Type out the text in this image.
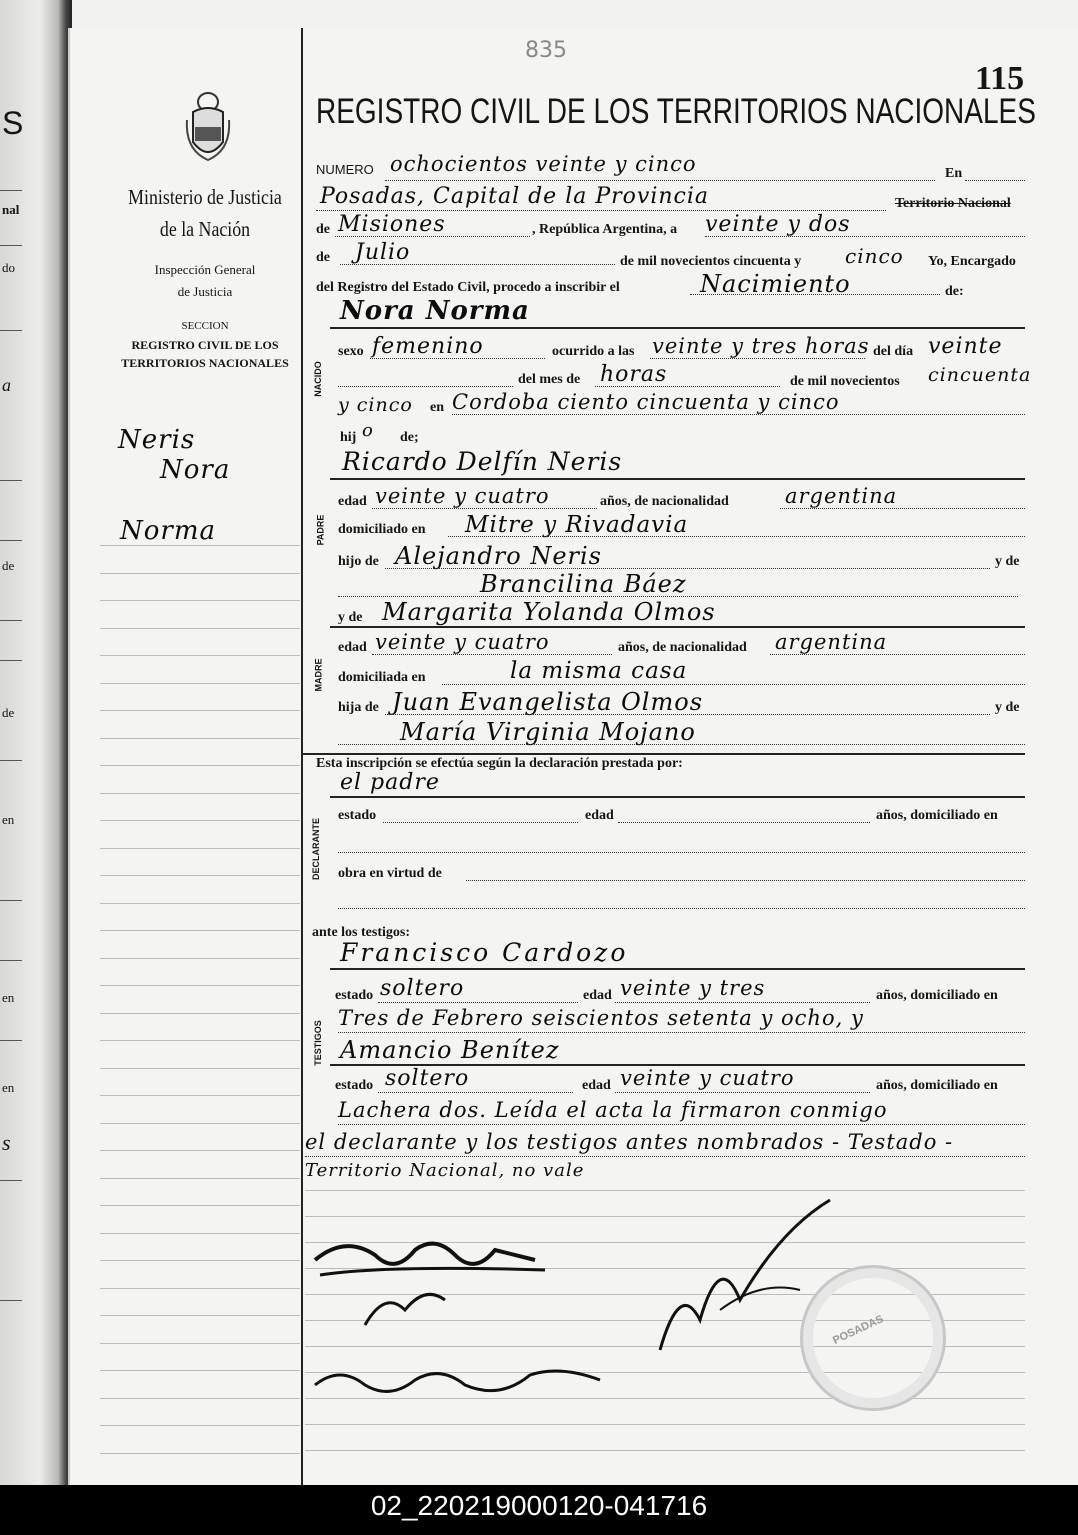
S
nal
do
a
de
de
en
en
en
s
Ministerio de Justicia
de la Nación
Inspección General
de Justicia
SECCION
REGISTRO CIVIL DE LOS
TERRITORIOS NACIONALES
Neris
Nora
Norma
835
115
REGISTRO CIVIL DE LOS TERRITORIOS NACIONALES
NUMERO ochocientos veinte y cinco	En
Posadas, Capital de la Provincia	Territorio Nacional
de Misiones	, República Argentina, a veinte y dos
de Julio	de mil novecientos cincuenta y cinco Yo, Encargado
del Registro del Estado Civil, procedo a inscribir el	Nacimiento	de:
Nora Norma
NACIDO
sexo femenino	ocurrido a las veinte y tres horas del día veinte
del mes de horas	de mil novecientos cincuenta
y cinco en Cordoba ciento cincuenta y cinco
hij o de;
Ricardo Delfín Neris
PADRE
edad veinte y cuatro	años, de nacionalidad	argentina
domiciliado en Mitre y Rivadavia
hijo de Alejandro Neris	y de
Brancilina Báez
y de Margarita Yolanda Olmos
MADRE
edad veinte y cuatro	años, de nacionalidad argentina
domiciliada en	la misma casa
hija de Juan Evangelista Olmos	y de
María Virginia Mojano
Esta inscripción se efectúa según la declaración prestada por:
el padre
DECLARANTE
estado	edad	años, domiciliado en
obra en virtud de
ante los testigos:
Francisco Cardozo
TESTIGOS
estado soltero	edad veinte y tres	años, domiciliado en
Tres de Febrero seiscientos setenta y ocho, y
Amancio Benítez
estado soltero	edad veinte y cuatro	años, domiciliado en
Lachera dos. Leída el acta la firmaron conmigo
el declarante y los testigos antes nombrados - Testado -
Territorio Nacional, no vale
POSADAS
02_220219000120-041716
